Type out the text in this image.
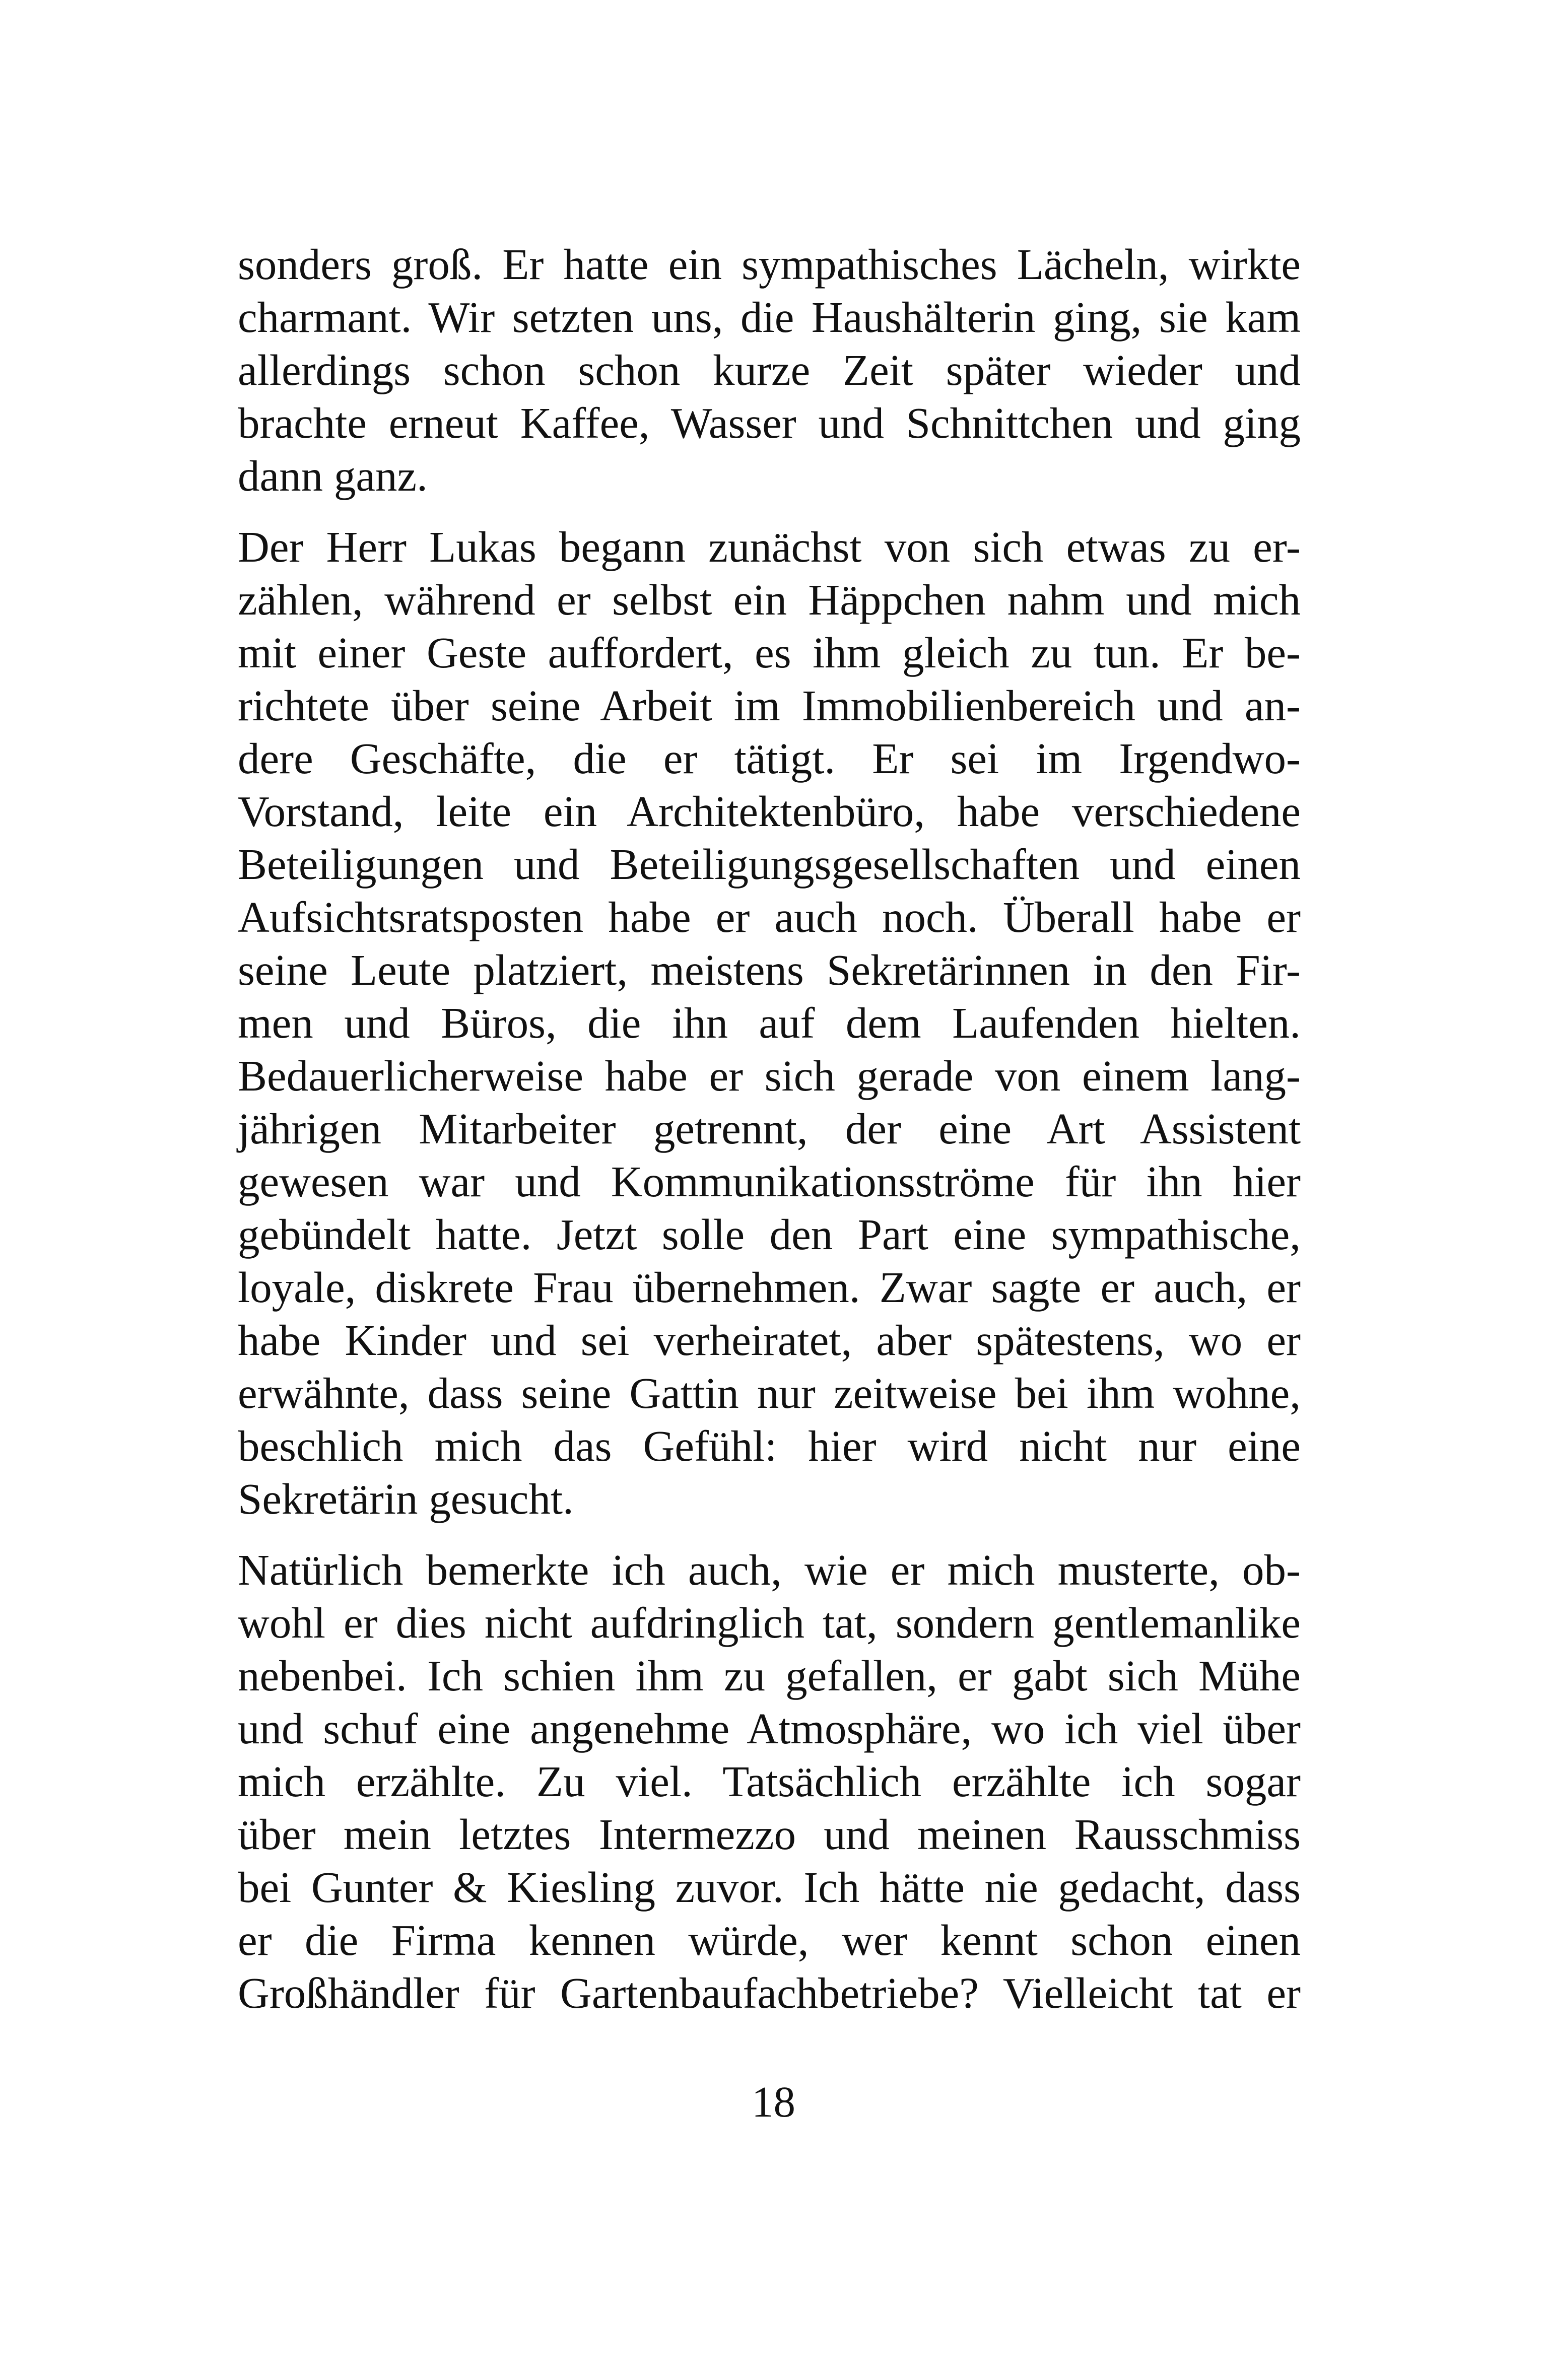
sonders groß. Er hatte ein sympathisches Lächeln, wirkte
charmant. Wir setzten uns, die Haushälterin ging, sie kam
allerdings schon schon kurze Zeit später wieder und
brachte erneut Kaffee, Wasser und Schnittchen und ging
dann ganz.
Der Herr Lukas begann zunächst von sich etwas zu er-
zählen, während er selbst ein Häppchen nahm und mich
mit einer Geste auffordert, es ihm gleich zu tun. Er be-
richtete über seine Arbeit im Immobilienbereich und an-
dere Geschäfte, die er tätigt. Er sei im Irgendwo-
Vorstand, leite ein Architektenbüro, habe verschiedene
Beteiligungen und Beteiligungsgesellschaften und einen
Aufsichtsratsposten habe er auch noch. Überall habe er
seine Leute platziert, meistens Sekretärinnen in den Fir-
men und Büros, die ihn auf dem Laufenden hielten.
Bedauerlicherweise habe er sich gerade von einem lang-
jährigen Mitarbeiter getrennt, der eine Art Assistent
gewesen war und Kommunikationsströme für ihn hier
gebündelt hatte. Jetzt solle den Part eine sympathische,
loyale, diskrete Frau übernehmen. Zwar sagte er auch, er
habe Kinder und sei verheiratet, aber spätestens, wo er
erwähnte, dass seine Gattin nur zeitweise bei ihm wohne,
beschlich mich das Gefühl: hier wird nicht nur eine
Sekretärin gesucht.
Natürlich bemerkte ich auch, wie er mich musterte, ob-
wohl er dies nicht aufdringlich tat, sondern gentlemanlike
nebenbei. Ich schien ihm zu gefallen, er gabt sich Mühe
und schuf eine angenehme Atmosphäre, wo ich viel über
mich erzählte. Zu viel. Tatsächlich erzählte ich sogar
über mein letztes Intermezzo und meinen Rausschmiss
bei Gunter & Kiesling zuvor. Ich hätte nie gedacht, dass
er die Firma kennen würde, wer kennt schon einen
Großhändler für Gartenbaufachbetriebe? Vielleicht tat er
18
